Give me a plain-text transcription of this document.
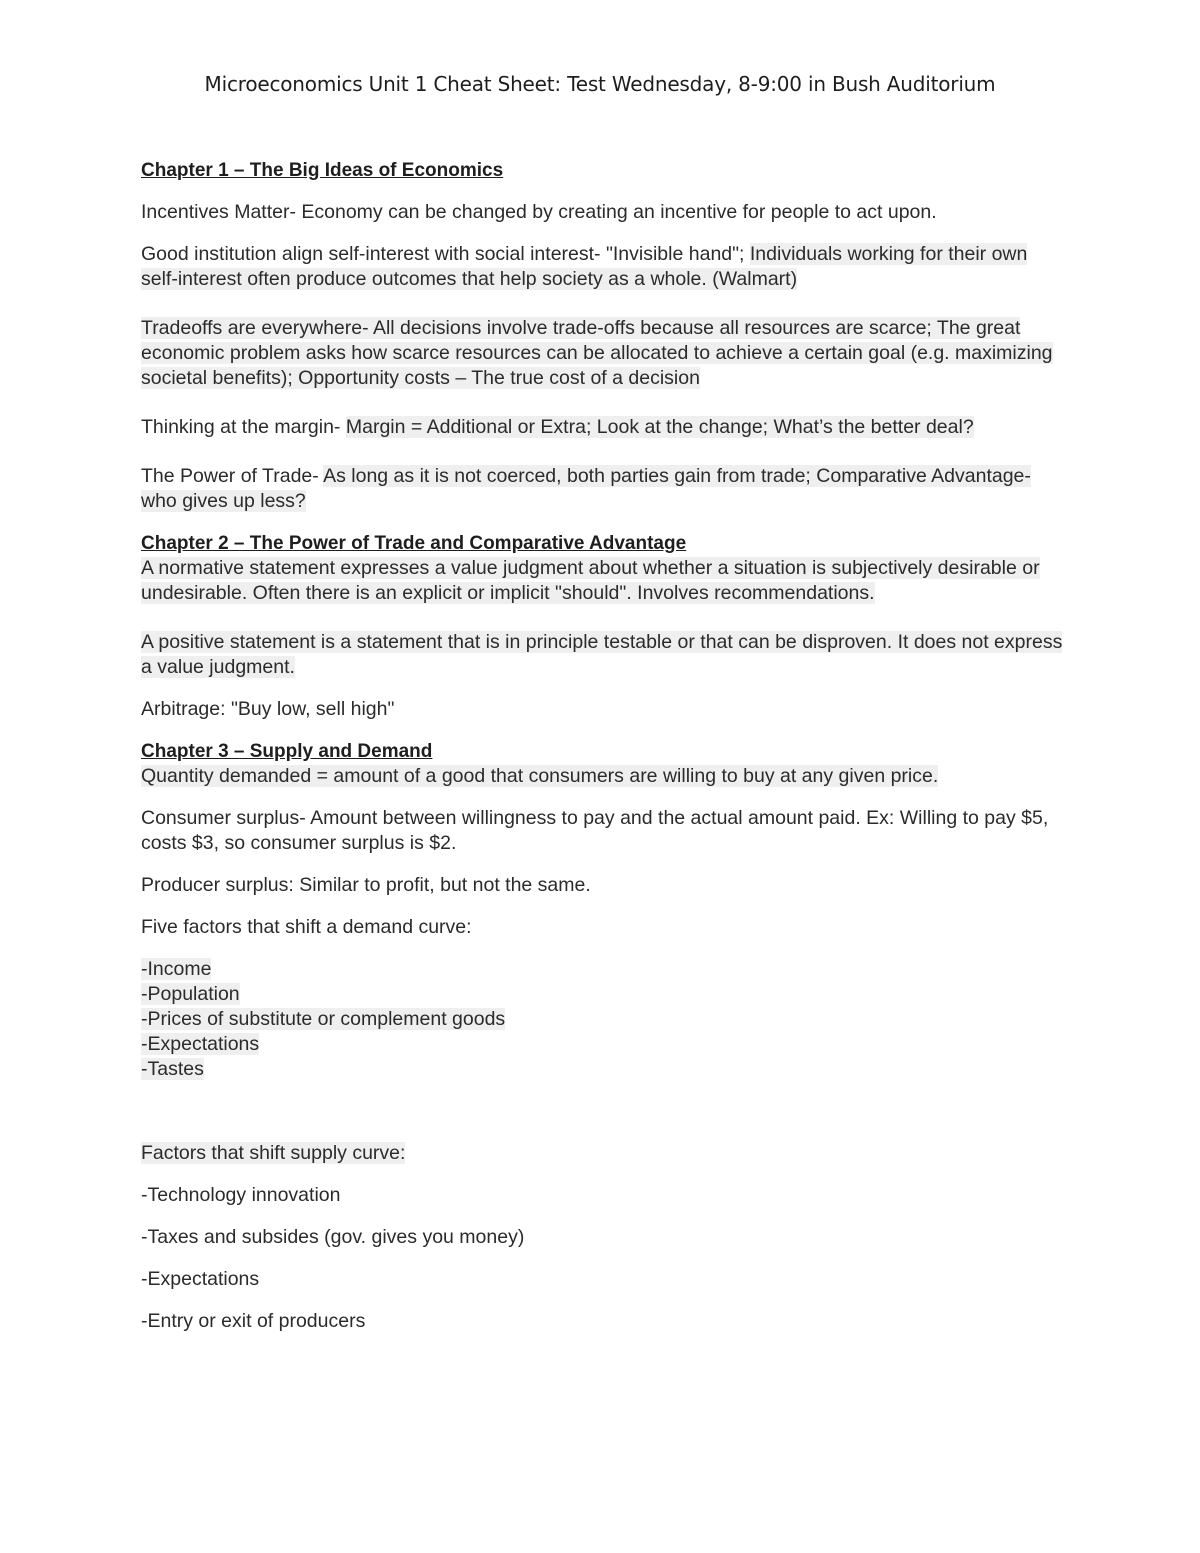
Microeconomics Unit 1 Cheat Sheet: Test Wednesday, 8-9:00 in Bush Auditorium

Chapter 1 – The Big Ideas of Economics

Incentives Matter- Economy can be changed by creating an incentive for people to act upon.

Good institution align self-interest with social interest- "Invisible hand"; Individuals working for their own self-interest often produce outcomes that help society as a whole. (Walmart)

Tradeoffs are everywhere- All decisions involve trade-offs because all resources are scarce; The great economic problem asks how scarce resources can be allocated to achieve a certain goal (e.g. maximizing societal benefits); Opportunity costs – The true cost of a decision

Thinking at the margin- Margin = Additional or Extra; Look at the change; What’s the better deal?

The Power of Trade- As long as it is not coerced, both parties gain from trade; Comparative Advantage- who gives up less?

Chapter 2 – The Power of Trade and Comparative Advantage

A normative statement expresses a value judgment about whether a situation is subjectively desirable or undesirable. Often there is an explicit or implicit "should". Involves recommendations.

A positive statement is a statement that is in principle testable or that can be disproven. It does not express a value judgment.

Arbitrage: "Buy low, sell high"

Chapter 3 – Supply and Demand

Quantity demanded = amount of a good that consumers are willing to buy at any given price.

Consumer surplus- Amount between willingness to pay and the actual amount paid. Ex: Willing to pay $5, costs $3, so consumer surplus is $2.

Producer surplus: Similar to profit, but not the same.

Five factors that shift a demand curve:

-Income

-Population

-Prices of substitute or complement goods

-Expectations

-Tastes

Factors that shift supply curve:

-Technology innovation

-Taxes and subsides (gov. gives you money)

-Expectations

-Entry or exit of producers
